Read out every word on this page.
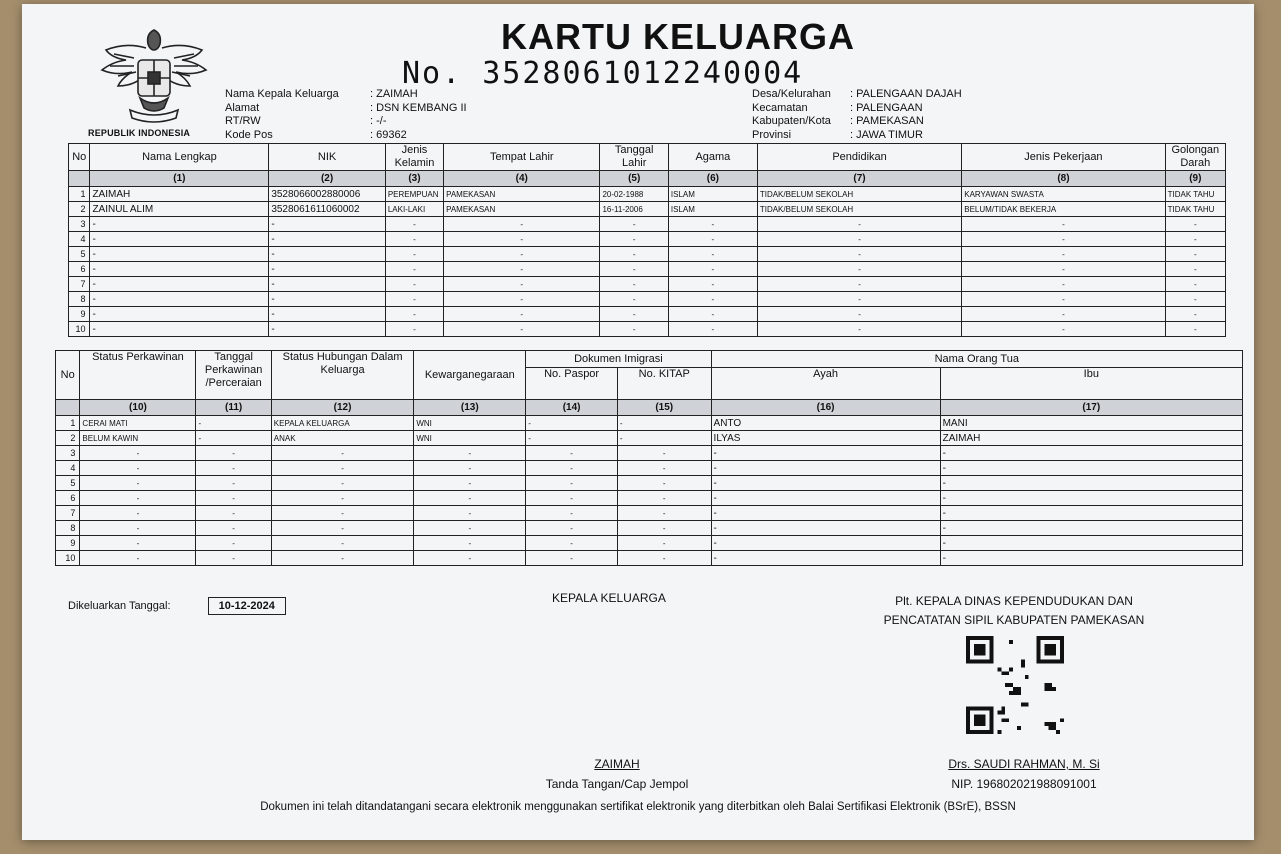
REPUBLIK INDONESIA
KARTU KELUARGA
No. 3528061012240004
Nama Kepala Keluarga	: ZAIMAH
Alamat	: DSN KEMBANG II
RT/RW	: -/-
Kode Pos	: 69362
Desa/Kelurahan : PALENGAAN DAJAH
Kecamatan	: PALENGAAN
Kabupaten/Kota : PAMEKASAN
Provinsi	: JAWA TIMUR
No	Nama Lengkap	NIK	Jenis Kelamin	Tempat Lahir	Tanggal Lahir	Agama	Pendidikan	Jenis Pekerjaan	Golongan Darah
	(1)	(2)	(3)	(4)	(5)	(6)	(7)	(8)	(9)
1	ZAIMAH	3528066002880006	PEREMPUAN	PAMEKASAN	20-02-1988	ISLAM	TIDAK/BELUM SEKOLAH	KARYAWAN SWASTA	TIDAK TAHU
2	ZAINUL ALIM	3528061611060002	LAKI-LAKI	PAMEKASAN	16-11-2006	ISLAM	TIDAK/BELUM SEKOLAH	BELUM/TIDAK BEKERJA	TIDAK TAHU
3	-	-	-	-	-	-	-	-	-
4	-	-	-	-	-	-	-	-	-
5	-	-	-	-	-	-	-	-	-
6	-	-	-	-	-	-	-	-	-
7	-	-	-	-	-	-	-	-	-
8	-	-	-	-	-	-	-	-	-
9	-	-	-	-	-	-	-	-	-
10	-	-	-	-	-	-	-	-	-
No	Status Perkawinan	Tanggal Perkawinan /Perceraian	Status Hubungan Dalam Keluarga	Kewarganegaraan	Dokumen Imigrasi		Nama Orang Tua	
					No. Paspor	No. KITAP	Ayah	Ibu
	(10)	(11)	(12)	(13)	(14)	(15)	(16)	(17)
1	CERAI MATI	-	KEPALA KELUARGA	WNI	-	-	ANTO	MANI
2	BELUM KAWIN	-	ANAK	WNI	-	-	ILYAS	ZAIMAH
3	-	-	-	-	-	-	-	-
4	-	-	-	-	-	-	-	-
5	-	-	-	-	-	-	-	-
6	-	-	-	-	-	-	-	-
7	-	-	-	-	-	-	-	-
8	-	-	-	-	-	-	-	-
9	-	-	-	-	-	-	-	-
10	-	-	-	-	-	-	-	-
Dikeluarkan Tanggal:	10-12-2024
KEPALA KELUARGA	Plt. KEPALA DINAS KEPENDUDUKAN DAN
PENCATATAN SIPIL KABUPATEN PAMEKASAN
ZAIMAH
Tanda Tangan/Cap Jempol
Drs. SAUDI RAHMAN, M. Si
NIP. 196802021988091001
Dokumen ini telah ditandatangani secara elektronik menggunakan sertifikat elektronik yang diterbitkan oleh Balai Sertifikasi Elektronik (BSrE), BSSN
